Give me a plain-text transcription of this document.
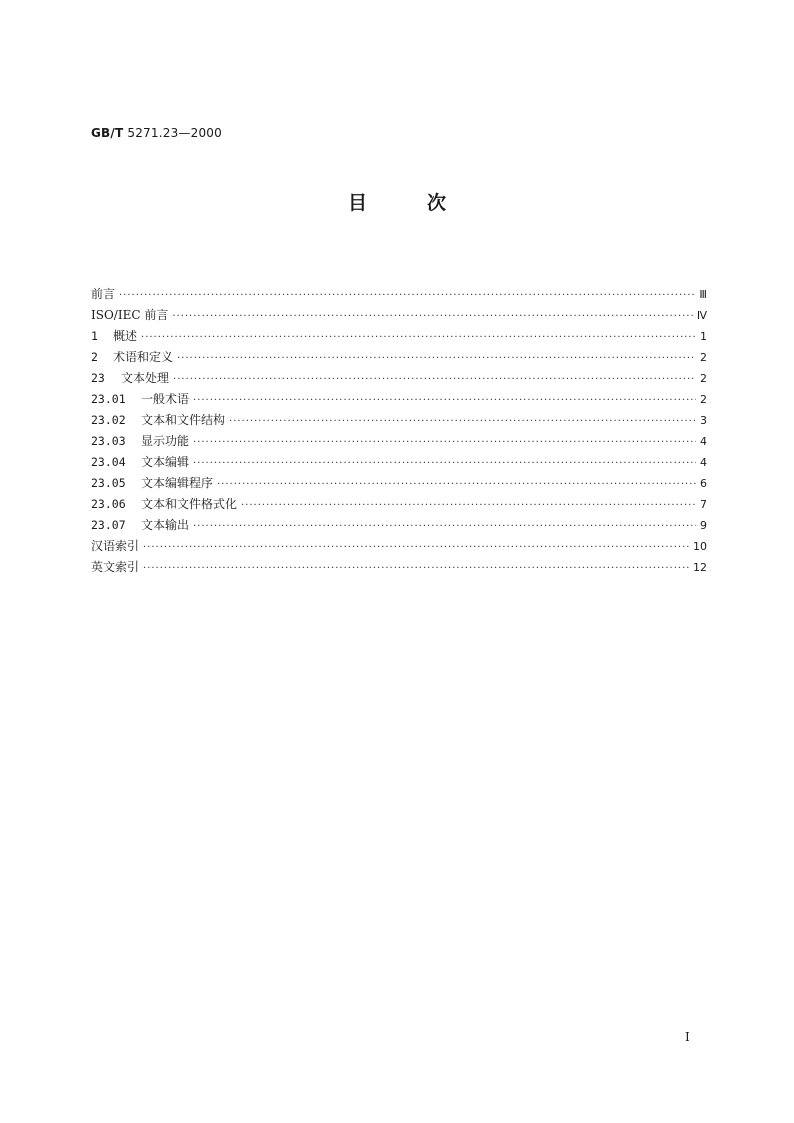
GB/T 5271.23—2000
目次
前言 ·····	Ⅲ
ISO/IEC 前言 ·····	Ⅳ
1	概述 ·····	1
2	术语和定义 ·····	2
23	文本处理 ·····	2
23.01	一般术语 ·····	2
23.02	文本和文件结构 ·····	3
23.03	显示功能 ·····	4
23.04	文本编辑 ·····	4
23.05	文本编辑程序 ·····	6
23.06	文本和文件格式化 ·····	7
23.07	文本输出 ·····	9
汉语索引 ·····	10
英文索引 ·····	12
I
